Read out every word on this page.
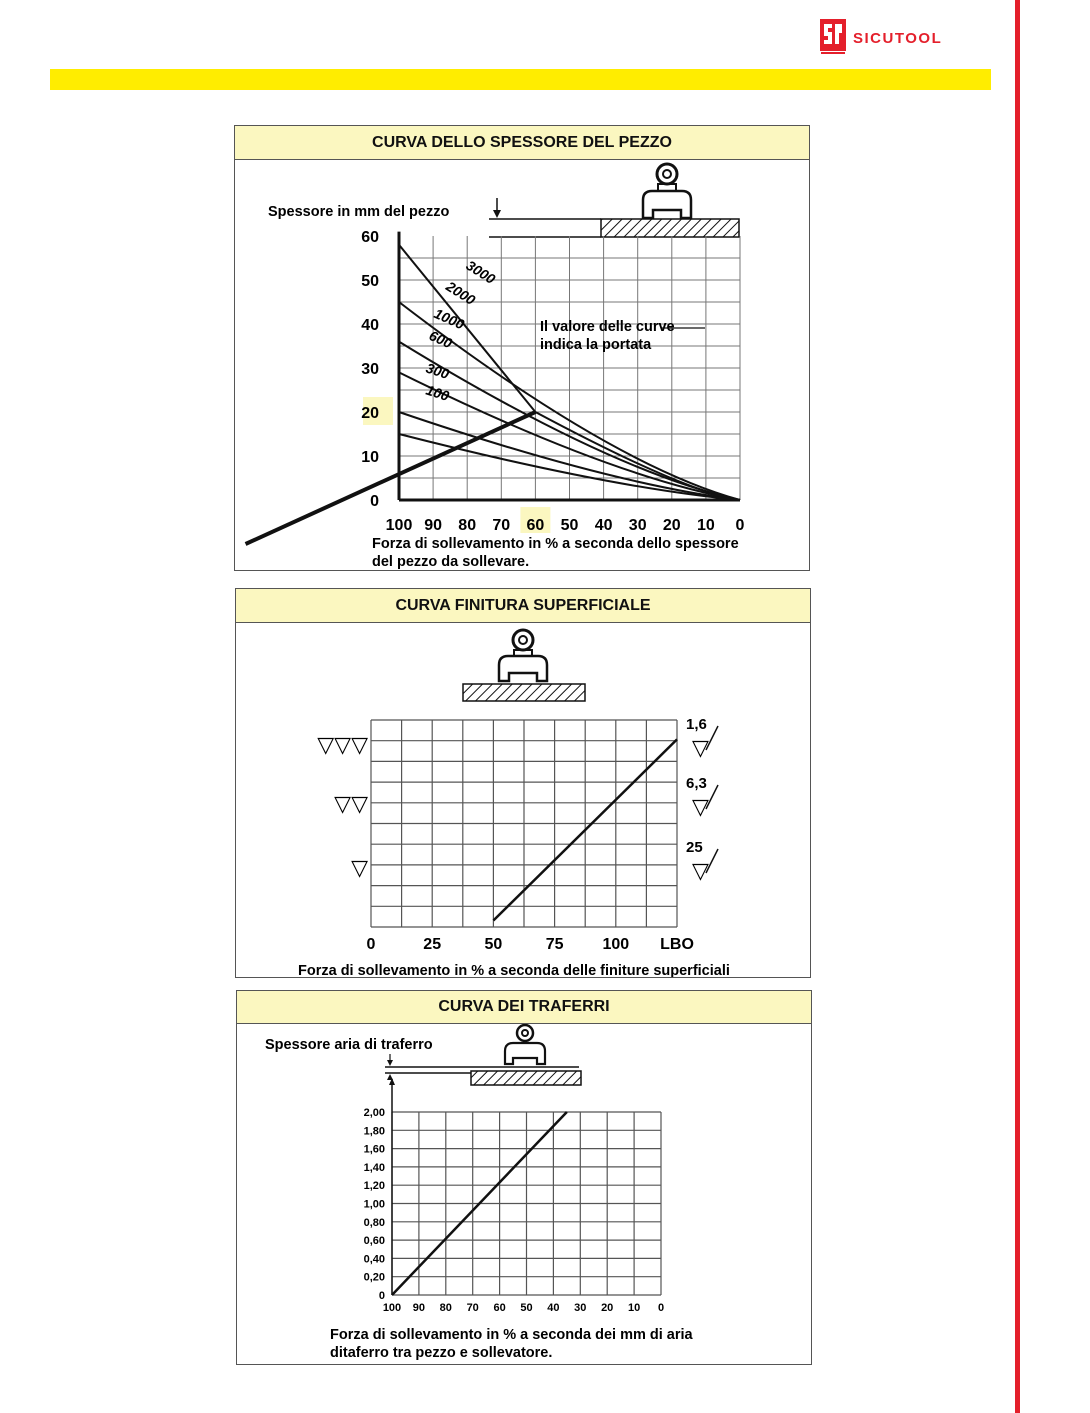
SICUTOOL
CURVA DELLO SPESSORE DEL PEZZO
100 90 80 70 60 50 40 30 20 10 0
60
50
40
30
20
10
0
Spessore in mm del pezzo
Forza di sollevamento in % a seconda dello spessore
del pezzo da sollevare.
Il valore delle curve
indica la portata
3000
2000
1000
600
300
100
CURVA FINITURA SUPERFICIALE
0	25	50	75 100 LBO
▽▽▽
▽▽
▽
1,6
▽
6,3
▽
25
▽
Forza di sollevamento in % a seconda delle finiture superficiali
CURVA DEI TRAFERRI
100 90 80 70 60 50 40 30 20 10 0
2,00
1,80
1,60
1,40
1,20
1,00
0,80
0,60
0,40
0,20
0
Spessore aria di traferro
Forza di sollevamento in % a seconda dei mm di aria
ditaferro tra pezzo e sollevatore.
